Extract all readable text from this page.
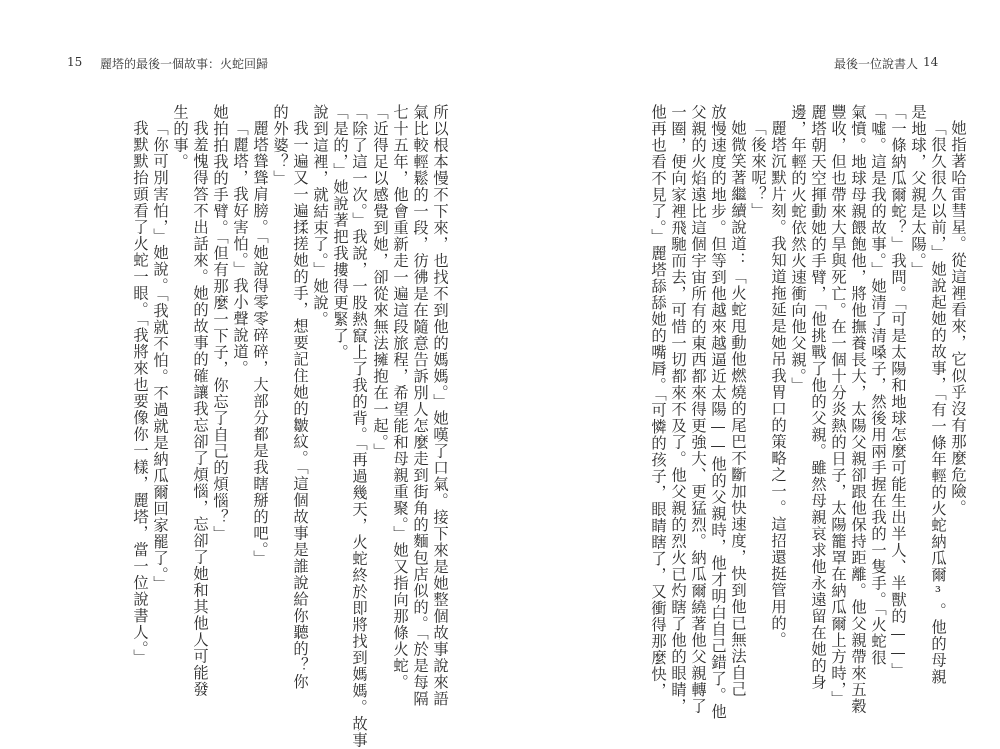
15 麗塔的最後一個故事：火蛇回歸	最後一位說書人 14
所以根本慢不下來，也找不到他的媽媽。」她嘆了口氣。接下來是她整個故事說來語
氣比較輕鬆的一段，彷彿是在隨意告訴別人怎麼走到街角的麵包店似的。「於是每隔
七十五年，他會重新走一遍這段旅程，希望能和母親重聚。」她又指向那條火蛇。
「近得足以感覺到她，卻從來無法擁抱在一起。」
「除了這一次。」我說，一股熱竄上了我的背。「再過幾天，火蛇終於即將找到媽媽。故事
「是的，」她說著把我摟得更緊了。
說到這裡，就結束了。」她說。
我一遍又一遍揉搓她的手，想要記住她的皺紋。「這個故事是誰說給你聽的？你
的外婆？」
麗塔聳聳肩膀。「她說得零零碎碎，大部分都是我瞎掰的吧。」
「麗塔，我好害怕。」我小聲說道。
她拍拍我的手臂。「但有那麼一下子，你忘了自己的煩惱？」
我羞愧得答不出話來。她的故事的確讓我忘卻了煩惱，忘卻了她和其他人可能發
生的事。
「你可別害怕，」她說。「我就不怕。不過就是納瓜爾回家罷了。」
我默默抬頭看了火蛇一眼。「我將來也要像你一樣，麗塔，當一位說書人。」	她指著哈雷彗星。從這裡看來，它似乎沒有那麼危險。
「很久很久以前，」她說起她的故事，「有一條年輕的火蛇納瓜爾³。他的母親
是地球，父親是太陽。」
「一條納瓜爾蛇？」我問。「可是太陽和地球怎麼可能生出半人、半獸的——」
「噓。這是我的故事。」她清了清嗓子，然後用兩手握在我的一隻手。「火蛇很
氣憤。地球母親餵飽他，將他撫養長大，太陽父親卻跟他保持距離。他父親帶來五穀
豐收，但也帶來大旱與死亡。在一個十分炎熱的日子，太陽籠罩在納瓜爾上方時，」
麗塔朝天空揮動她的手臂，「他挑戰了他的父親。雖然母親哀求他永遠留在她的身
邊，年輕的火蛇依然火速衝向他父親。」
麗塔沉默片刻。我知道拖延是她吊我胃口的策略之一。這招還挺管用的。
「後來呢？」
她微笑著繼續說道：「火蛇甩動他燃燒的尾巴不斷加快速度，快到他已無法自己
放慢速度的地步。但等到他越來越逼近太陽——他的父親時，他才明白自己錯了。他
父親的火焰遠比這個宇宙所有的東西都來得更強大、更猛烈。納瓜爾繞著他父親轉了
一圈，便向家裡飛馳而去，可惜一切都來不及了。他父親的烈火已灼瞎了他的眼睛，
他再也看不見了。」麗塔舔舔她的嘴脣。「可憐的孩子，眼睛瞎了，又衝得那麼快，
